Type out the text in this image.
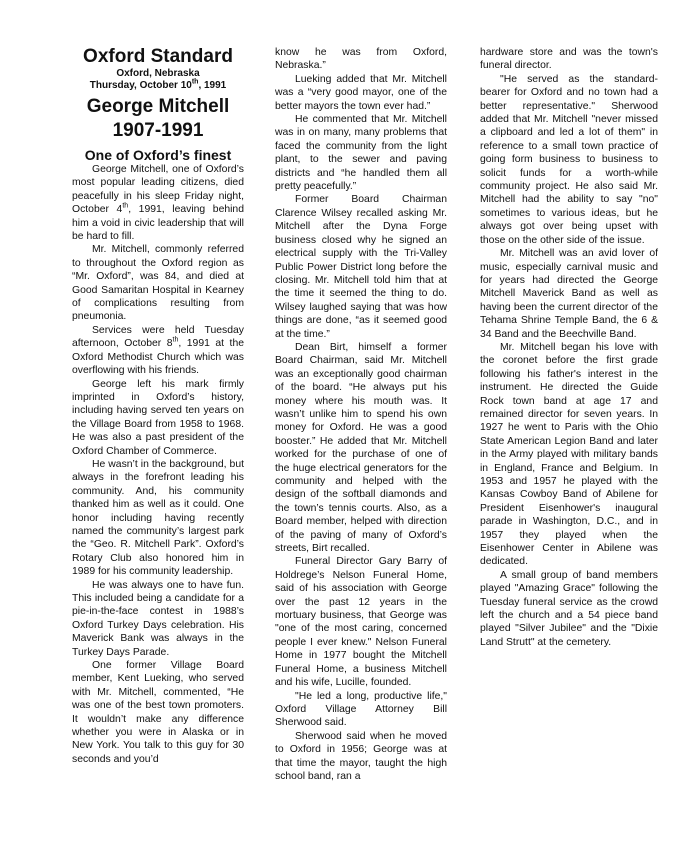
Oxford Standard
Oxford, Nebraska
Thursday, October 10th, 1991
George Mitchell
1907-1991
One of Oxford’s finest

George Mitchell, one of Oxford’s most popular leading citizens, died peacefully in his sleep Friday night, October 4th, 1991, leaving behind him a void in civic leadership that will be hard to fill.

Mr. Mitchell, commonly referred to throughout the Oxford region as “Mr. Oxford”, was 84, and died at Good Samaritan Hospital in Kearney of complications resulting from pneumonia.

Services were held Tuesday afternoon, October 8th, 1991 at the Oxford Methodist Church which was overflowing with his friends.

George left his mark firmly imprinted in Oxford’s history, including having served ten years on the Village Board from 1958 to 1968. He was also a past president of the Oxford Chamber of Commerce.

He wasn’t in the background, but always in the forefront leading his community. And, his community thanked him as well as it could. One honor including having recently named the community’s largest park the “Geo. R. Mitchell Park”. Oxford’s Rotary Club also honored him in 1989 for his community leadership.

He was always one to have fun. This included being a candidate for a pie-in-the-face contest in 1988’s Oxford Turkey Days celebration. His Maverick Bank was always in the Turkey Days Parade.

One former Village Board member, Kent Lueking, who served with Mr. Mitchell, commented, “He was one of the best town promoters. It wouldn’t make any difference whether you were in Alaska or in New York. You talk to this guy for 30 seconds and you’d

know he was from Oxford, Nebraska.”

Lueking added that Mr. Mitchell was a “very good mayor, one of the better mayors the town ever had.”

He commented that Mr. Mitchell was in on many, many problems that faced the community from the light plant, to the sewer and paving districts and “he handled them all pretty peacefully.”

Former Board Chairman Clarence Wilsey recalled asking Mr. Mitchell after the Dyna Forge business closed why he signed an electrical supply with the Tri-Valley Public Power District long before the closing. Mr. Mitchell told him that at the time it seemed the thing to do. Wilsey laughed saying that was how things are done, “as it seemed good at the time.”

Dean Birt, himself a former Board Chairman, said Mr. Mitchell was an exceptionally good chairman of the board. “He always put his money where his mouth was. It wasn’t unlike him to spend his own money for Oxford. He was a good booster.” He added that Mr. Mitchell worked for the purchase of one of the huge electrical generators for the community and helped with the design of the softball diamonds and the town’s tennis courts. Also, as a Board member, helped with direction of the paving of many of Oxford’s streets, Birt recalled.

Funeral Director Gary Barry of Holdrege’s Nelson Funeral Home, said of his association with George over the past 12 years in the mortuary business, that George was "one of the most caring, concerned people I ever knew." Nelson Funeral Home in 1977 bought the Mitchell Funeral Home, a business Mitchell and his wife, Lucille, founded.

"He led a long, productive life," Oxford Village Attorney Bill Sherwood said.

Sherwood said when he moved to Oxford in 1956; George was at that time the mayor, taught the high school band, ran a

hardware store and was the town's funeral director.

"He served as the standard-bearer for Oxford and no town had a better representative." Sherwood added that Mr. Mitchell "never missed a clipboard and led a lot of them" in reference to a small town practice of going form business to business to solicit funds for a worth-while community project. He also said Mr. Mitchell had the ability to say "no" sometimes to various ideas, but he always got over being upset with those on the other side of the issue.

Mr. Mitchell was an avid lover of music, especially carnival music and for years had directed the George Mitchell Maverick Band as well as having been the current director of the Tehama Shrine Temple Band, the 6 & 34 Band and the Beechville Band.

Mr. Mitchell began his love with the coronet before the first grade following his father's interest in the instrument. He directed the Guide Rock town band at age 17 and remained director for seven years. In 1927 he went to Paris with the Ohio State American Legion Band and later in the Army played with military bands in England, France and Belgium. In 1953 and 1957 he played with the Kansas Cowboy Band of Abilene for President Eisenhower's inaugural parade in Washington, D.C., and in 1957 they played when the Eisenhower Center in Abilene was dedicated.

A small group of band members played "Amazing Grace" following the Tuesday funeral service as the crowd left the church and a 54 piece band played "Silver Jubilee" and the "Dixie Land Strutt" at the cemetery.
